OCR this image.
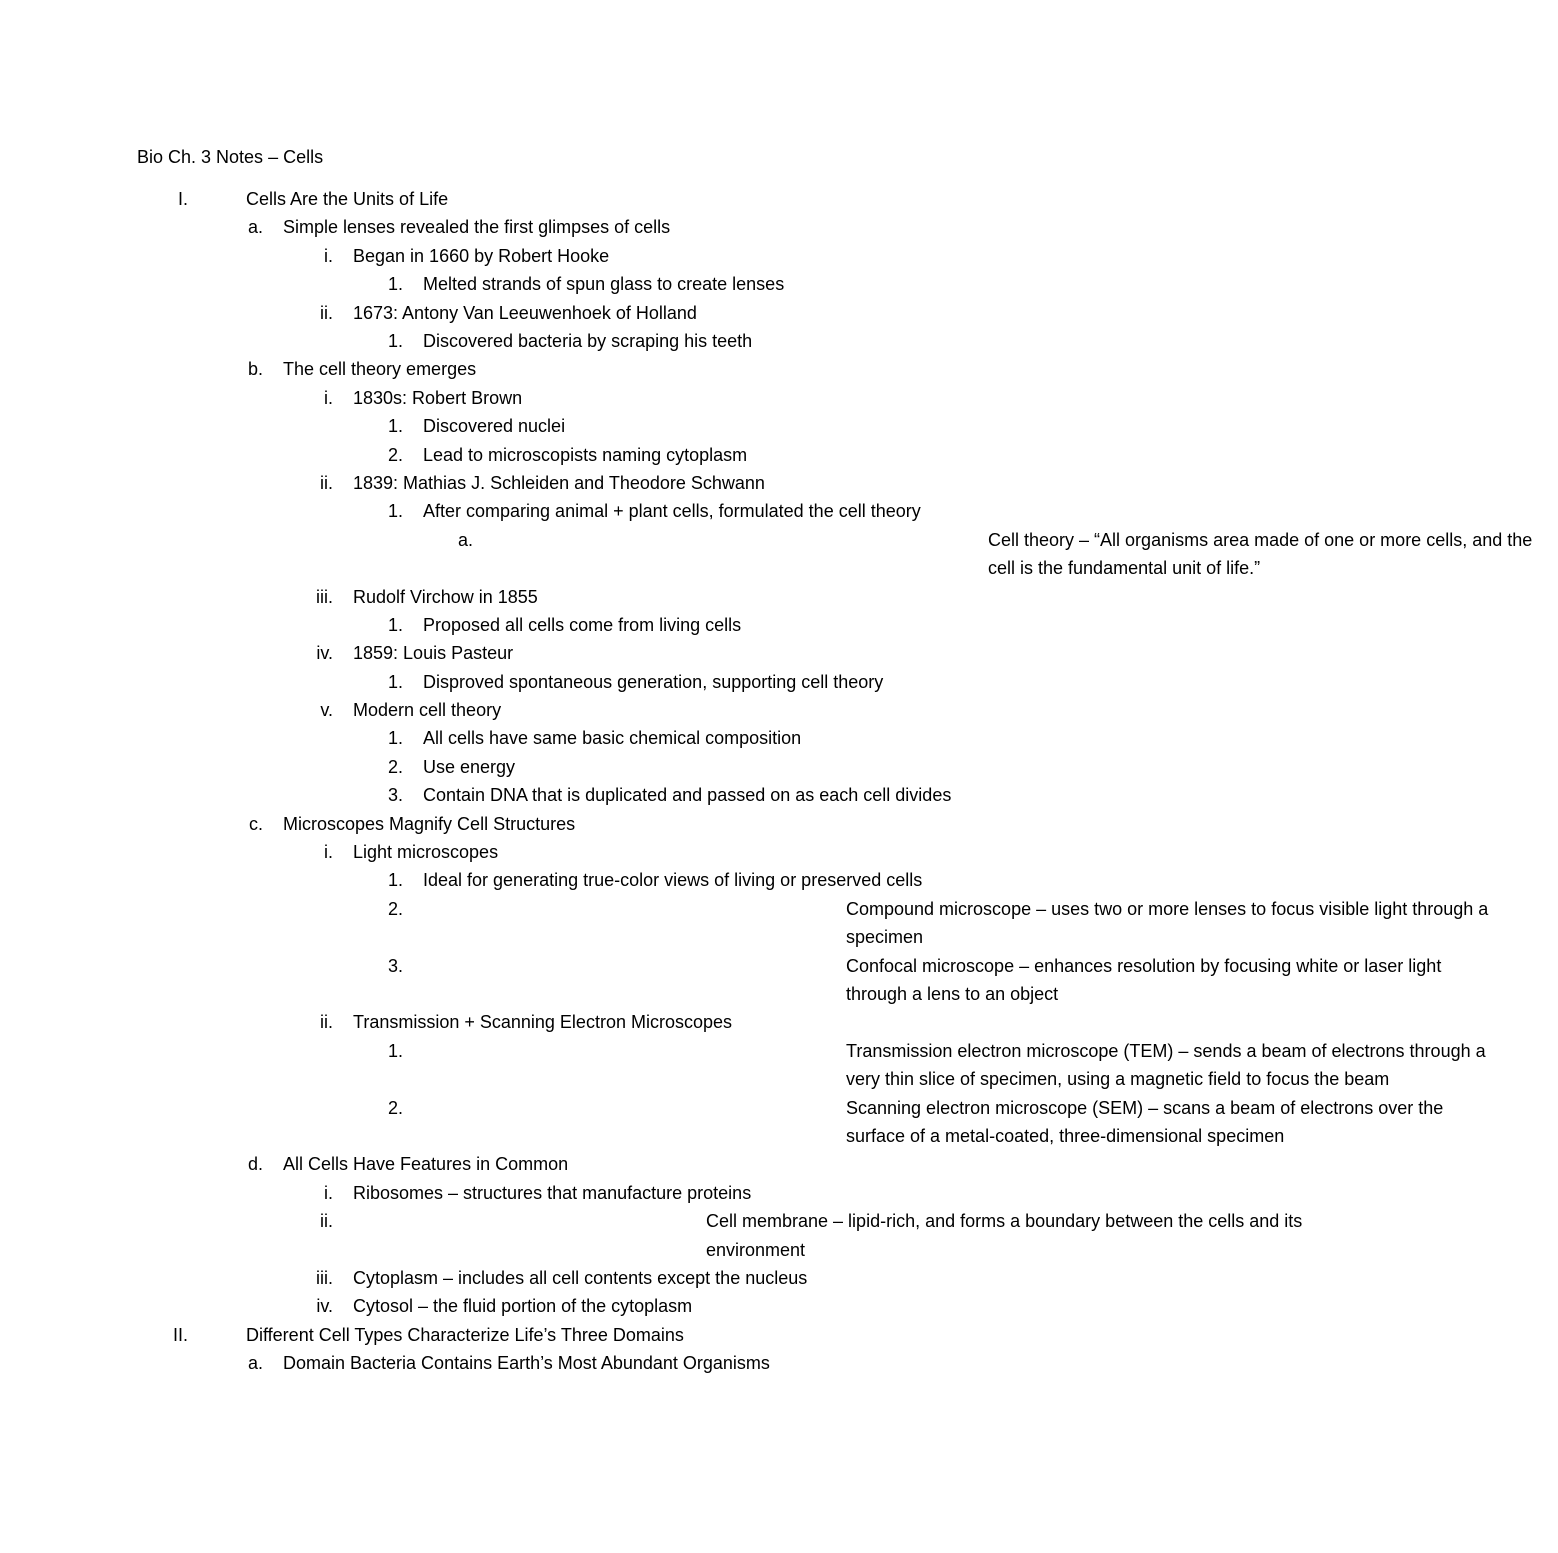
Bio Ch. 3 Notes – Cells
I.	Cells Are the Units of Life
a. Simple lenses revealed the first glimpses of cells
i. Began in 1660 by Robert Hooke
1. Melted strands of spun glass to create lenses
ii. 1673: Antony Van Leeuwenhoek of Holland
1. Discovered bacteria by scraping his teeth
b. The cell theory emerges
i. 1830s: Robert Brown
1. Discovered nuclei
2. Lead to microscopists naming cytoplasm
ii. 1839: Mathias J. Schleiden and Theodore Schwann
1. After comparing animal + plant cells, formulated the cell theory
a.	Cell theory – “All organisms area made of one or more cells, and the cell is the fundamental unit of life.”
iii. Rudolf Virchow in 1855
1. Proposed all cells come from living cells
iv. 1859: Louis Pasteur
1. Disproved spontaneous generation, supporting cell theory
v. Modern cell theory
1. All cells have same basic chemical composition
2. Use energy
3. Contain DNA that is duplicated and passed on as each cell divides
c. Microscopes Magnify Cell Structures
i. Light microscopes
1. Ideal for generating true-color views of living or preserved cells
2.	Compound microscope – uses two or more lenses to focus visible light through a specimen
3.	Confocal microscope – enhances resolution by focusing white or laser light through a lens to an object
ii. Transmission + Scanning Electron Microscopes
1.	Transmission electron microscope (TEM) – sends a beam of electrons through a very thin slice of specimen, using a magnetic field to focus the beam
2.	Scanning electron microscope (SEM) – scans a beam of electrons over the surface of a metal-coated, three-dimensional specimen
d. All Cells Have Features in Common
i. Ribosomes – structures that manufacture proteins
ii.	Cell membrane – lipid-rich, and forms a boundary between the cells and its environment
iii. Cytoplasm – includes all cell contents except the nucleus
iv. Cytosol – the fluid portion of the cytoplasm
II.	Different Cell Types Characterize Life’s Three Domains
a. Domain Bacteria Contains Earth’s Most Abundant Organisms
